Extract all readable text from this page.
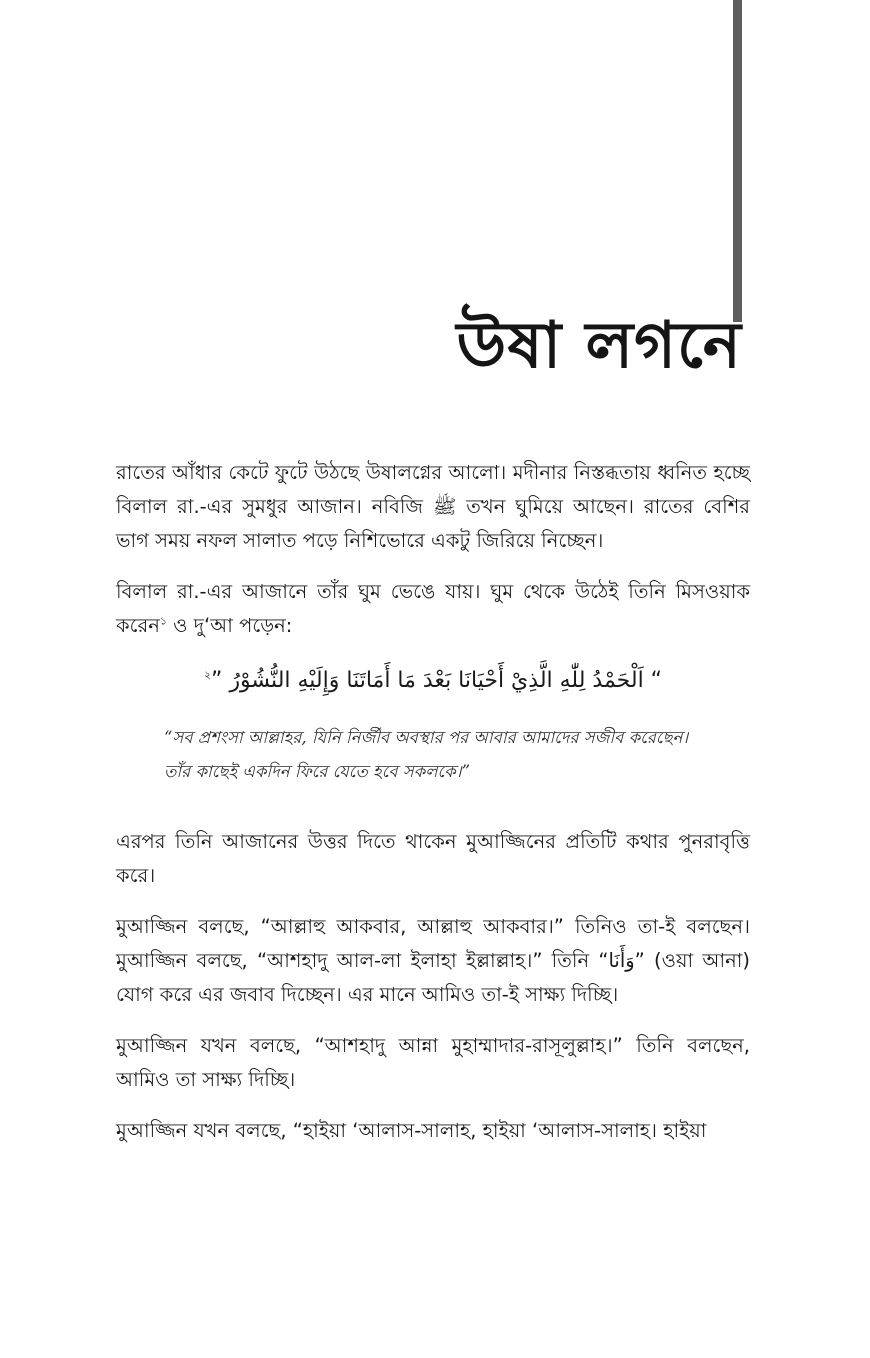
উষা লগনে

রাতের আঁধার কেটে ফুটে উঠছে উষালগ্নের আলো। মদীনার নিস্তব্ধতায় ধ্বনিত হচ্ছে বিলাল রা.-এর সুমধুর আজান। নবিজি ﷺ তখন ঘুমিয়ে আছেন। রাতের বেশির ভাগ সময় নফল সালাত পড়ে নিশিভোরে একটু জিরিয়ে নিচ্ছেন।

বিলাল রা.-এর আজানে তাঁর ঘুম ভেঙে যায়। ঘুম থেকে উঠেই তিনি মিসওয়াক করেন$^১$ ও দু‘আ পড়েন:

“ اَلْحَمْدُ لِلّٰهِ الَّذِيْ أَحْيَانَا بَعْدَ مَا أَمَاتَنَا وَإِلَيْهِ النُّشُوْرُ ”$^২$

“সব প্রশংসা আল্লাহর, যিনি নির্জীব অবস্থার পর আবার আমাদের সজীব করেছেন।
তাঁর কাছেই একদিন ফিরে যেতে হবে সকলকে।”

এরপর তিনি আজানের উত্তর দিতে থাকেন মুআজ্জিনের প্রতিটি কথার পুনরাবৃত্তি করে।

মুআজ্জিন বলছে, “আল্লাহু আকবার, আল্লাহু আকবার।” তিনিও তা-ই বলছেন। মুআজ্জিন বলছে, “আশহাদু আল-লা ইলাহা ইল্লাল্লাহ।” তিনি “وَأَنَا” (ওয়া আনা) যোগ করে এর জবাব দিচ্ছেন। এর মানে আমিও তা-ই সাক্ষ্য দিচ্ছি।

মুআজ্জিন যখন বলছে, “আশহাদু আন্না মুহাম্মাদার-রাসূলুল্লাহ।” তিনি বলছেন, আমিও তা সাক্ষ্য দিচ্ছি।

মুআজ্জিন যখন বলছে, “হাইয়া ‘আলাস-সালাহ, হাইয়া ‘আলাস-সালাহ। হাইয়া
